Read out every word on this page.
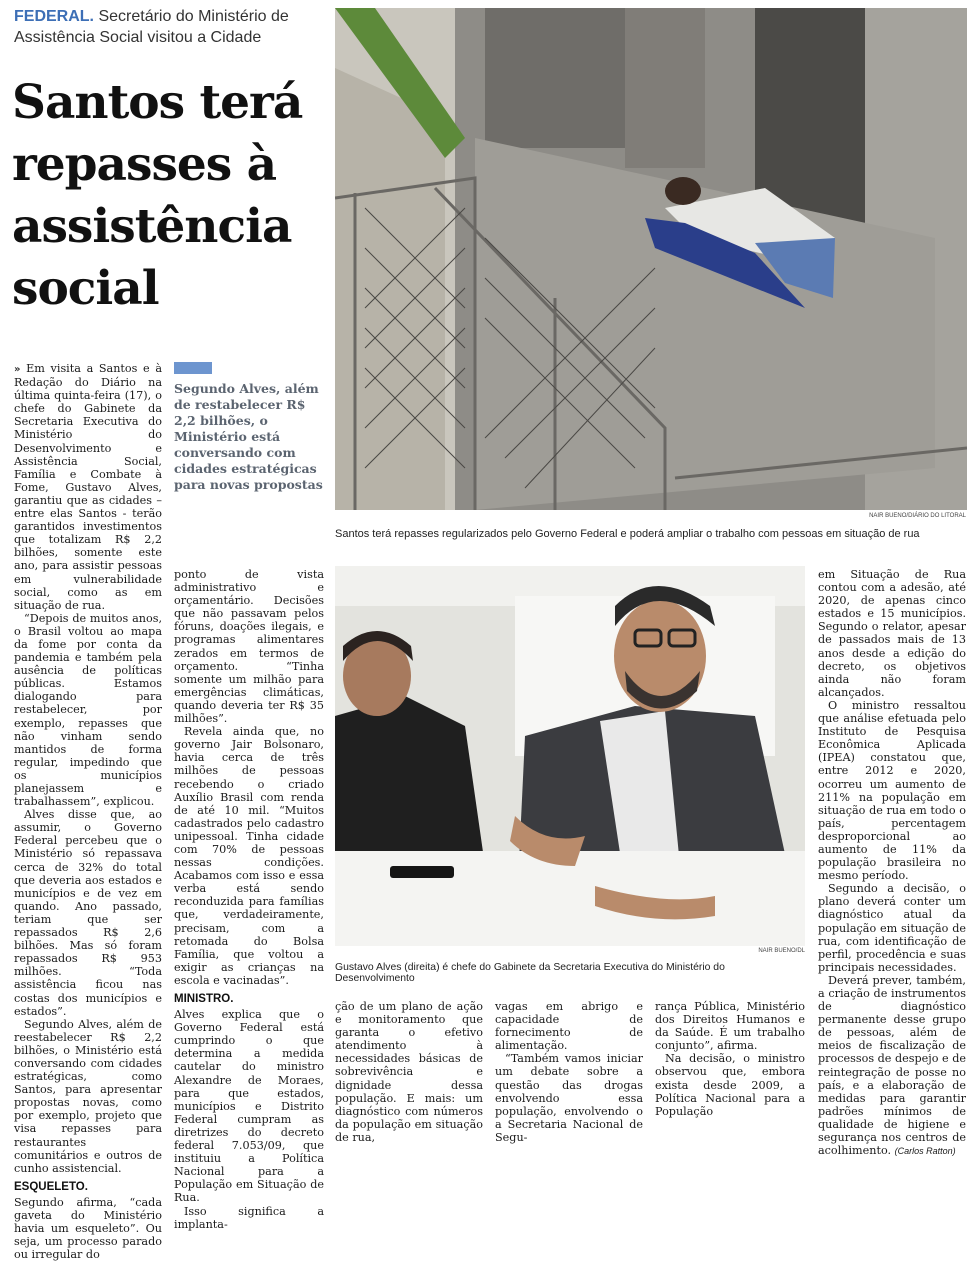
FEDERAL. Secretário do Ministério de Assistência Social visitou a Cidade
Santos terá repasses à assistência social

» Em visita a Santos e à Redação do Diário na última quinta-feira (17), o chefe do Gabinete da Secretaria Executiva do Ministério do Desenvolvimento e Assistência Social, Família e Combate à Fome, Gustavo Alves, garantiu que as cidades – entre elas Santos - terão garantidos investimentos que totalizam R$ 2,2 bilhões, somente este ano, para assistir pessoas em vulnerabilidade social, como as em situação de rua.

“Depois de muitos anos, o Brasil voltou ao mapa da fome por conta da pandemia e também pela ausência de políticas públicas. Estamos dialogando para restabelecer, por exemplo, repasses que não vinham sendo mantidos de forma regular, impedindo que os municípios planejassem e trabalhassem”, explicou.

Alves disse que, ao assumir, o Governo Federal percebeu que o Ministério só repassava cerca de 32% do total que deveria aos estados e municípios e de vez em quando. Ano passado, teriam que ser repassados R$ 2,6 bilhões. Mas só foram repassados R$ 953 milhões. “Toda assistência ficou nas costas dos municípios e estados”.

Segundo Alves, além de reestabelecer R$ 2,2 bilhões, o Ministério está conversando com cidades estratégicas, como Santos, para apresentar propostas novas, como por exemplo, projeto que visa repasses para restaurantes comunitários e outros de cunho assistencial.

ESQUELETO.

Segundo afirma, “cada gaveta do Ministério havia um esqueleto”. Ou seja, um processo parado ou irregular do

Segundo Alves, além de restabelecer R$ 2,2 bilhões, o Ministério está conversando com cidades estratégicas para novas propostas

ponto de vista administrativo e orçamentário. Decisões que não passavam pelos fóruns, doações ilegais, e programas alimentares zerados em termos de orçamento. “Tinha somente um milhão para emergências climáticas, quando deveria ter R$ 35 milhões”.

Revela ainda que, no governo Jair Bolsonaro, havia cerca de três milhões de pessoas recebendo o criado Auxílio Brasil com renda de até 10 mil. “Muitos cadastrados pelo cadastro unipessoal. Tinha cidade com 70% de pessoas nessas condições. Acabamos com isso e essa verba está sendo reconduzida para famílias que, verdadeiramente, precisam, com a retomada do Bolsa Família, que voltou a exigir as crianças na escola e vacinadas”.

MINISTRO.

Alves explica que o Governo Federal está cumprindo o que determina a medida cautelar do ministro Alexandre de Moraes, para que estados, municípios e Distrito Federal cumpram as diretrizes do decreto federal 7.053/09, que instituiu a Política Nacional para a População em Situação de Rua.

Isso significa a implanta-

NAIR BUENO/DIÁRIO DO LITORAL
Santos terá repasses regularizados pelo Governo Federal e poderá ampliar o trabalho com pessoas em situação de rua
NAIR BUENO/DL
Gustavo Alves (direita) é chefe do Gabinete da Secretaria Executiva do Ministério do Desenvolvimento

ção de um plano de ação e monitoramento que garanta o efetivo atendimento à necessidades básicas de sobrevivência e dignidade dessa população. E mais: um diagnóstico com números da população em situação de rua,

vagas em abrigo e capacidade de fornecimento de alimentação.

“Também vamos iniciar um debate sobre a questão das drogas envolvendo essa população, envolvendo o a Secretaria Nacional de Segu-

rança Pública, Ministério dos Direitos Humanos e da Saúde. É um trabalho conjunto”, afirma.

Na decisão, o ministro observou que, embora exista desde 2009, a Política Nacional para a População

em Situação de Rua contou com a adesão, até 2020, de apenas cinco estados e 15 municípios. Segundo o relator, apesar de passados mais de 13 anos desde a edição do decreto, os objetivos ainda não foram alcançados.

O ministro ressaltou que análise efetuada pelo Instituto de Pesquisa Econômica Aplicada (IPEA) constatou que, entre 2012 e 2020, ocorreu um aumento de 211% na população em situação de rua em todo o país, percentagem desproporcional ao aumento de 11% da população brasileira no mesmo período.

Segundo a decisão, o plano deverá conter um diagnóstico atual da população em situação de rua, com identificação de perfil, procedência e suas principais necessidades.

Deverá prever, também, a criação de instrumentos de diagnóstico permanente desse grupo de pessoas, além de meios de fiscalização de processos de despejo e de reintegração de posse no país, e a elaboração de medidas para garantir padrões mínimos de qualidade de higiene e segurança nos centros de acolhimento. (Carlos Ratton)
